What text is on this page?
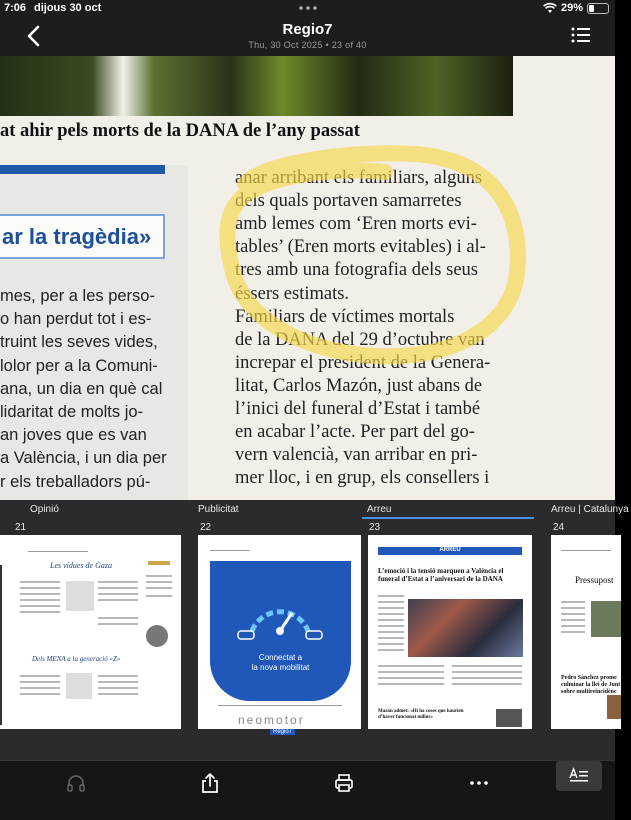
at ahir pels morts de la DANA de l’any passat
ar la tragèdia»
mes, per a les perso-
o han perdut tot i es-
truint les seves vides,
lolor per a la Comuni-
ana, un dia en què cal
lidaritat de molts jo-
an joves que es van
a València, i un dia per
r els treballadors pú-
anar arribant els familiars, alguns
dels quals portaven samarretes
amb lemes com ‘Eren morts evi-
tables’ (Eren morts evitables) i al-
tres amb una fotografia dels seus
éssers estimats.
Familiars de víctimes mortals
de la DANA del 29 d’octubre van
increpar el president de la Genera-
litat, Carlos Mazón, just abans de
l’inici del funeral d’Estat i també
en acabar l’acte. Per part del go-
vern valencià, van arribar en pri-
mer lloc, i en grup, els consellers i
7:06 dijous 30 oct	29%
Regio7
Thu, 30 Oct 2025 • 23 of 40
Opinió	Publicitat	Arreu	Arreu | Catalunya
21	22	23	24
Les vídues de Gaza
Dels MENA a la generació «Z»	Connectat a
la nova mobilitat
neomotor
Regió7
ARREU
L’emoció i la tensió marquen a València el funeral d’Estat a l’aniversari de la DANA
Mazón admet: «Hi ha coses que haurien d’haver funcionat millor»
Pressupost
Pedro Sánchez prome culminar la llei de Junt sobre multireincidènc
